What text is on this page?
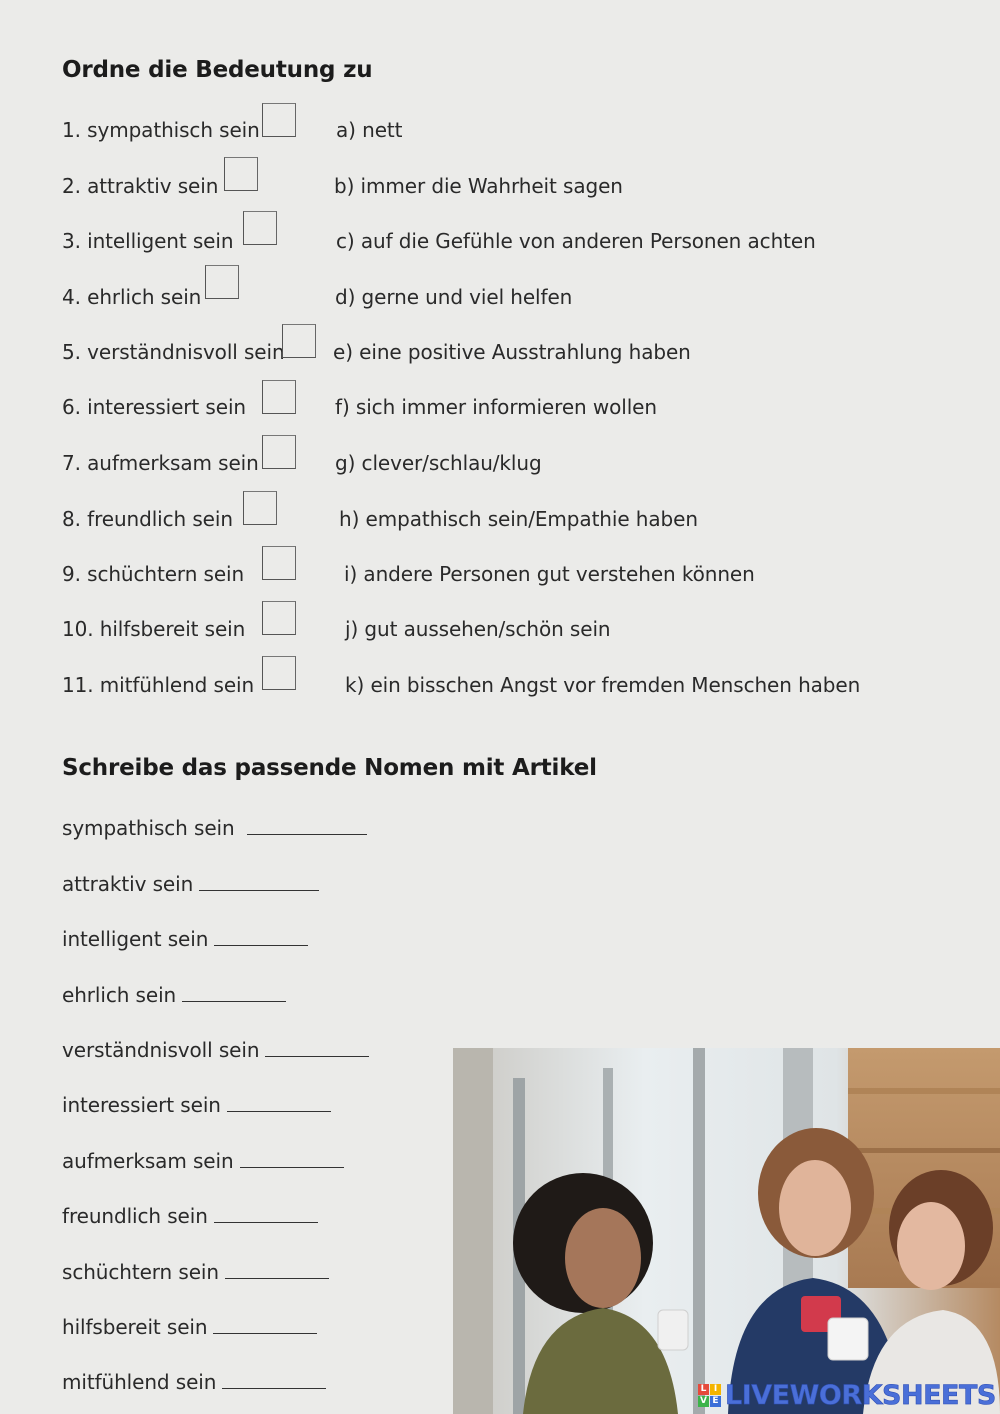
Ordne die Bedeutung zu
1. sympathisch sein	a) nett
2. attraktiv sein	b) immer die Wahrheit sagen
3. intelligent sein	c) auf die Gefühle von anderen Personen achten
4. ehrlich sein	d) gerne und viel helfen
5. verständnisvoll sein e) eine positive Ausstrahlung haben
6. interessiert sein	f) sich immer informieren wollen
7. aufmerksam sein	g) clever/schlau/klug
8. freundlich sein	h) empathisch sein/Empathie haben
9. schüchtern sein	i) andere Personen gut verstehen können
10. hilfsbereit sein	j) gut aussehen/schön sein
11. mitfühlend sein	k) ein bisschen Angst vor fremden Menschen haben
Schreibe das passende Nomen mit Artikel
sympathisch sein
attraktiv sein
intelligent sein
ehrlich sein
verständnisvoll sein
interessiert sein
aufmerksam sein
freundlich sein
schüchtern sein
hilfsbereit sein
mitfühlend sein	L I
V E LIVEWORKSHEETS
